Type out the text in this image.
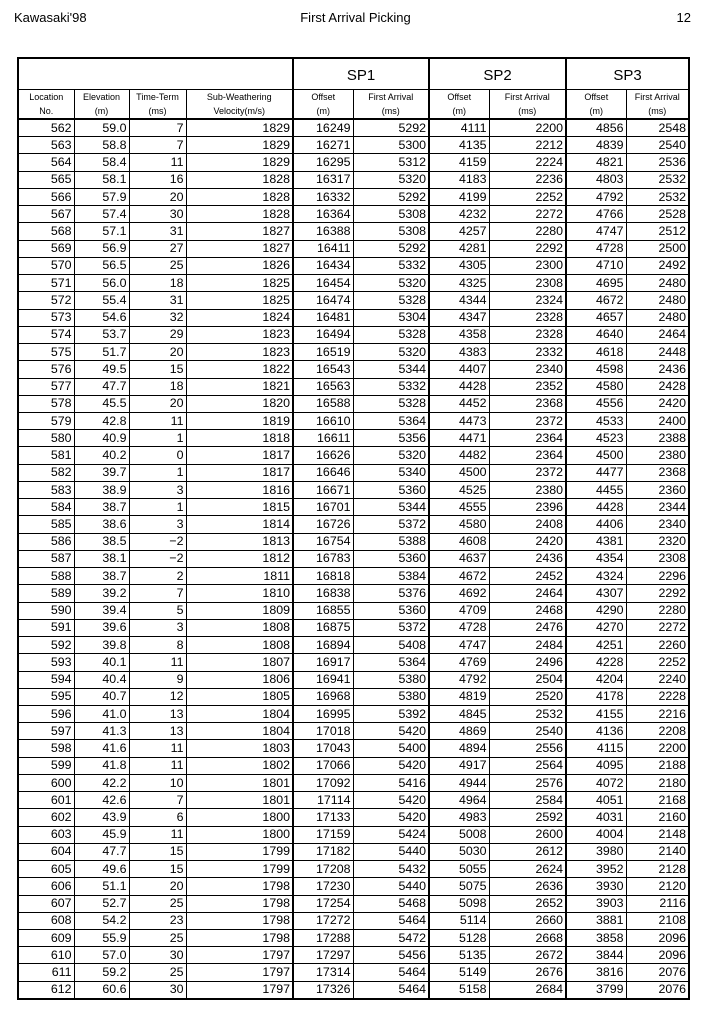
Kawasaki'98	First Arrival Picking	12
				SP1		SP2		SP3	
Location	Elevation	Time-Term	Sub-Weathering	Offset	First Arrival	Offset	First Arrival	Offset	First Arrival
No.	(m)	(ms)	Velocity(m/s)	(m)	(ms)	(m)	(ms)	(m)	(ms)
562	59.0	7	1829	16249	5292	4111	2200	4856	2548
563	58.8	7	1829	16271	5300	4135	2212	4839	2540
564	58.4	11	1829	16295	5312	4159	2224	4821	2536
565	58.1	16	1828	16317	5320	4183	2236	4803	2532
566	57.9	20	1828	16332	5292	4199	2252	4792	2532
567	57.4	30	1828	16364	5308	4232	2272	4766	2528
568	57.1	31	1827	16388	5308	4257	2280	4747	2512
569	56.9	27	1827	16411	5292	4281	2292	4728	2500
570	56.5	25	1826	16434	5332	4305	2300	4710	2492
571	56.0	18	1825	16454	5320	4325	2308	4695	2480
572	55.4	31	1825	16474	5328	4344	2324	4672	2480
573	54.6	32	1824	16481	5304	4347	2328	4657	2480
574	53.7	29	1823	16494	5328	4358	2328	4640	2464
575	51.7	20	1823	16519	5320	4383	2332	4618	2448
576	49.5	15	1822	16543	5344	4407	2340	4598	2436
577	47.7	18	1821	16563	5332	4428	2352	4580	2428
578	45.5	20	1820	16588	5328	4452	2368	4556	2420
579	42.8	11	1819	16610	5364	4473	2372	4533	2400
580	40.9	1	1818	16611	5356	4471	2364	4523	2388
581	40.2	0	1817	16626	5320	4482	2364	4500	2380
582	39.7	1	1817	16646	5340	4500	2372	4477	2368
583	38.9	3	1816	16671	5360	4525	2380	4455	2360
584	38.7	1	1815	16701	5344	4555	2396	4428	2344
585	38.6	3	1814	16726	5372	4580	2408	4406	2340
586	38.5	−2	1813	16754	5388	4608	2420	4381	2320
587	38.1	−2	1812	16783	5360	4637	2436	4354	2308
588	38.7	2	1811	16818	5384	4672	2452	4324	2296
589	39.2	7	1810	16838	5376	4692	2464	4307	2292
590	39.4	5	1809	16855	5360	4709	2468	4290	2280
591	39.6	3	1808	16875	5372	4728	2476	4270	2272
592	39.8	8	1808	16894	5408	4747	2484	4251	2260
593	40.1	11	1807	16917	5364	4769	2496	4228	2252
594	40.4	9	1806	16941	5380	4792	2504	4204	2240
595	40.7	12	1805	16968	5380	4819	2520	4178	2228
596	41.0	13	1804	16995	5392	4845	2532	4155	2216
597	41.3	13	1804	17018	5420	4869	2540	4136	2208
598	41.6	11	1803	17043	5400	4894	2556	4115	2200
599	41.8	11	1802	17066	5420	4917	2564	4095	2188
600	42.2	10	1801	17092	5416	4944	2576	4072	2180
601	42.6	7	1801	17114	5420	4964	2584	4051	2168
602	43.9	6	1800	17133	5420	4983	2592	4031	2160
603	45.9	11	1800	17159	5424	5008	2600	4004	2148
604	47.7	15	1799	17182	5440	5030	2612	3980	2140
605	49.6	15	1799	17208	5432	5055	2624	3952	2128
606	51.1	20	1798	17230	5440	5075	2636	3930	2120
607	52.7	25	1798	17254	5468	5098	2652	3903	2116
608	54.2	23	1798	17272	5464	5114	2660	3881	2108
609	55.9	25	1798	17288	5472	5128	2668	3858	2096
610	57.0	30	1797	17297	5456	5135	2672	3844	2096
611	59.2	25	1797	17314	5464	5149	2676	3816	2076
612	60.6	30	1797	17326	5464	5158	2684	3799	2076
